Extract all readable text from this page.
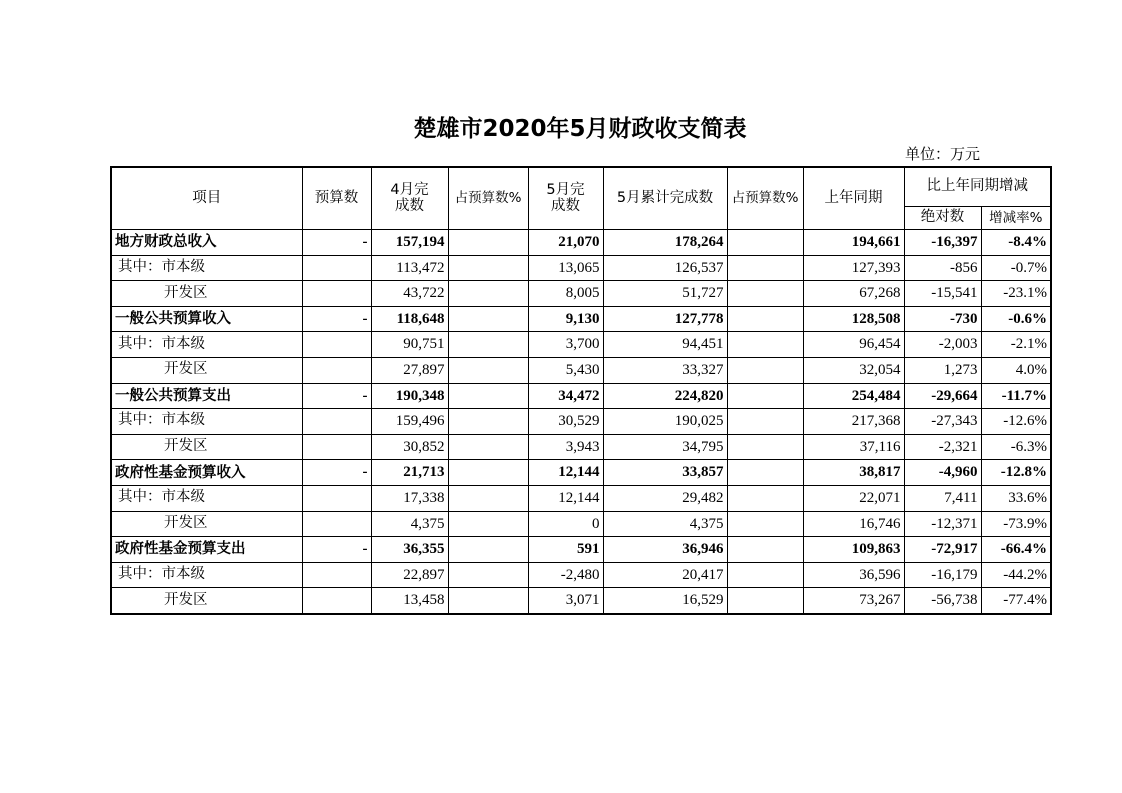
楚雄市2020年5月财政收支简表
单位：万元
项目	预算数	4月完成数	占预算数%	5月完成数	5月累计完成数	占预算数%	上年同期	比上年同期增减	
								绝对数	增减率%
地方财政总收入	-	157,194		21,070	178,264		194,661	-16,397	-8.4%
其中：市本级		113,472		13,065	126,537		127,393	-856	-0.7%
开发区		43,722		8,005	51,727		67,268	-15,541	-23.1%
一般公共预算收入	-	118,648		9,130	127,778		128,508	-730	-0.6%
其中：市本级		90,751		3,700	94,451		96,454	-2,003	-2.1%
开发区		27,897		5,430	33,327		32,054	1,273	4.0%
一般公共预算支出	-	190,348		34,472	224,820		254,484	-29,664	-11.7%
其中：市本级		159,496		30,529	190,025		217,368	-27,343	-12.6%
开发区		30,852		3,943	34,795		37,116	-2,321	-6.3%
政府性基金预算收入	-	21,713		12,144	33,857		38,817	-4,960	-12.8%
其中：市本级		17,338		12,144	29,482		22,071	7,411	33.6%
开发区		4,375		0	4,375		16,746	-12,371	-73.9%
政府性基金预算支出	-	36,355		591	36,946		109,863	-72,917	-66.4%
其中：市本级		22,897		-2,480	20,417		36,596	-16,179	-44.2%
开发区		13,458		3,071	16,529		73,267	-56,738	-77.4%
